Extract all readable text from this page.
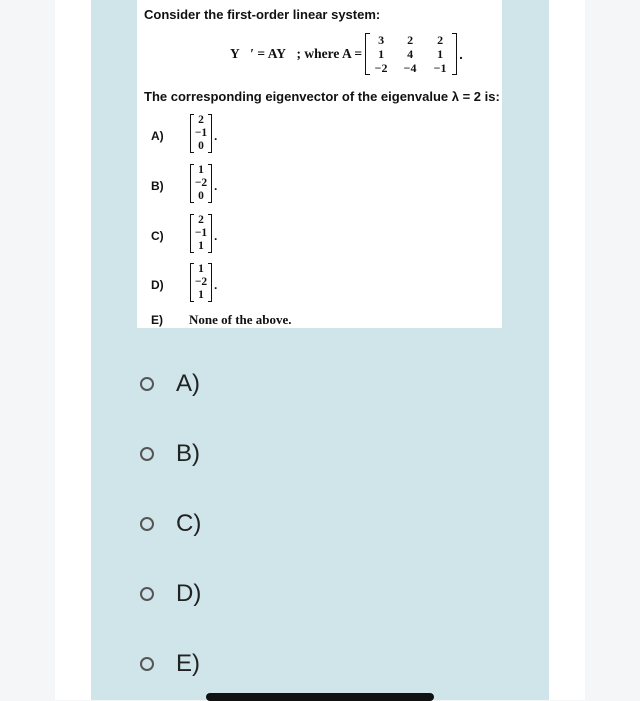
Consider the first-order linear system:
Y⃗′ = AY⃗; where A =
3	2	2
1	4	1
−2	−4	−1
.
The corresponding eigenvector of the eigenvalue λ = 2 is:
A)
2
−1
0
.
B)
1
−2
0
.
C)
2
−1
1
.
D)
1
−2
1
.
E) None of the above.
A)
B)
C)
D)
E)
